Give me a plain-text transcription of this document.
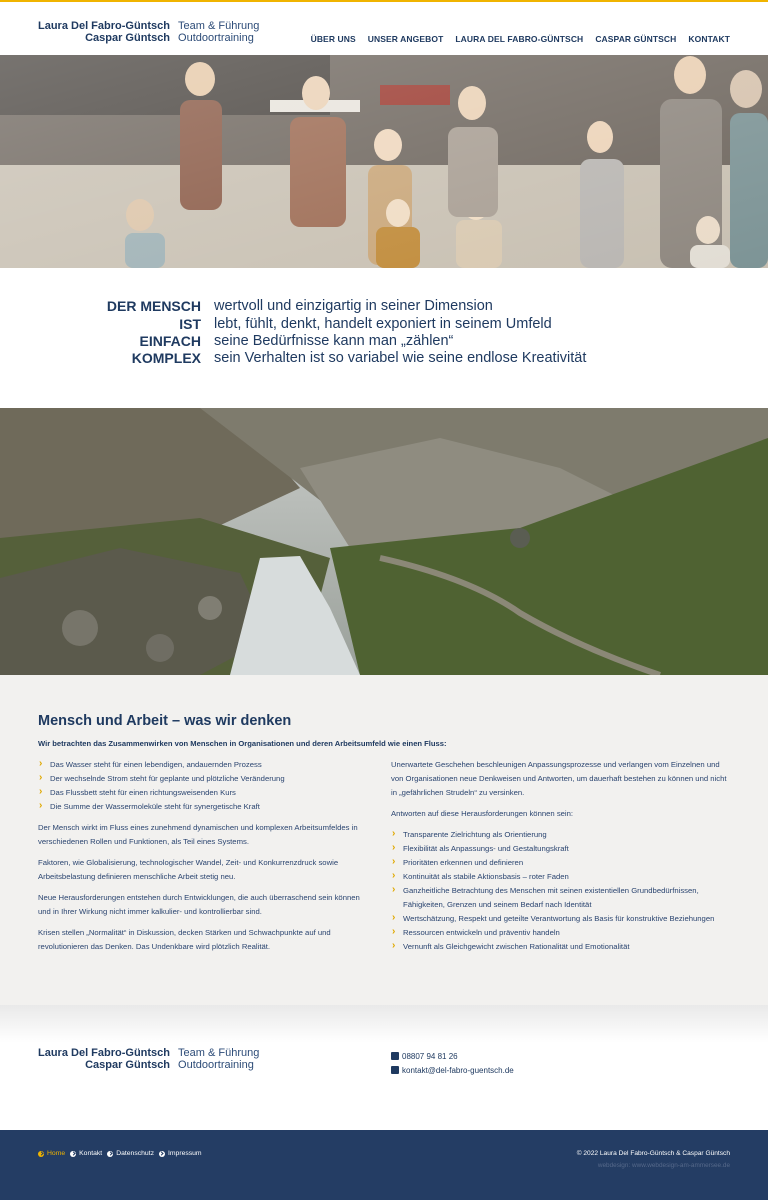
Laura Del Fabro-Güntsch
Caspar Güntsch
Team & Führung
Outdoortraining	ÜBER UNS UNSER ANGEBOT LAURA DEL FABRO-GÜNTSCH CASPAR GÜNTSCH KONTAKT
DER MENSCH wertvoll und einzigartig in seiner Dimension
IST lebt, fühlt, denkt, handelt exponiert in seinem Umfeld
EINFACH seine Bedürfnisse kann man „zählen“
KOMPLEX sein Verhalten ist so variabel wie seine endlose Kreativität
Mensch und Arbeit – was wir denken
Wir betrachten das Zusammenwirken von Menschen in Organisationen und deren Arbeitsumfeld wie einen Fluss:
› Das Wasser steht für einen lebendigen, andauernden Prozess
› Der wechselnde Strom steht für geplante und plötzliche Veränderung
› Das Flussbett steht für einen richtungsweisenden Kurs
› Die Summe der Wassermoleküle steht für synergetische Kraft

Der Mensch wirkt im Fluss eines zunehmend dynamischen und komplexen Arbeitsumfeldes in verschiedenen Rollen und Funktionen, als Teil eines Systems.

Faktoren, wie Globalisierung, technologischer Wandel, Zeit- und Konkurrenzdruck sowie Arbeitsbelastung definieren menschliche Arbeit stetig neu.

Neue Herausforderungen entstehen durch Entwicklungen, die auch überraschend sein können und in Ihrer Wirkung nicht immer kalkulier- und kontrollierbar sind.

Krisen stellen „Normalität“ in Diskussion, decken Stärken und Schwachpunkte auf und revolutionieren das Denken. Das Undenkbare wird plötzlich Realität.

Unerwartete Geschehen beschleunigen Anpassungsprozesse und verlangen vom Einzelnen und von Organisationen neue Denkweisen und Antworten, um dauerhaft bestehen zu können und nicht in „gefährlichen Strudeln“ zu versinken.

Antworten auf diese Herausforderungen können sein:

› Transparente Zielrichtung als Orientierung
› Flexibilität als Anpassungs- und Gestaltungskraft
› Prioritäten erkennen und definieren
› Kontinuität als stabile Aktionsbasis – roter Faden
› Ganzheitliche Betrachtung des Menschen mit seinen existentiellen Grundbedürfnissen, Fähigkeiten, Grenzen und seinem Bedarf nach Identität
› Wertschätzung, Respekt und geteilte Verantwortung als Basis für konstruktive Beziehungen
› Ressourcen entwickeln und präventiv handeln
› Vernunft als Gleichgewicht zwischen Rationalität und Emotionalität
Laura Del Fabro-Güntsch
Caspar Güntsch
Team & Führung
Outdoortraining
08807 94 81 26
kontakt@del-fabro-guentsch.de
Home Kontakt Datenschutz Impressum	© 2022 Laura Del Fabro-Güntsch & Caspar Güntsch
webdesign: www.webdesign-am-ammersee.de
